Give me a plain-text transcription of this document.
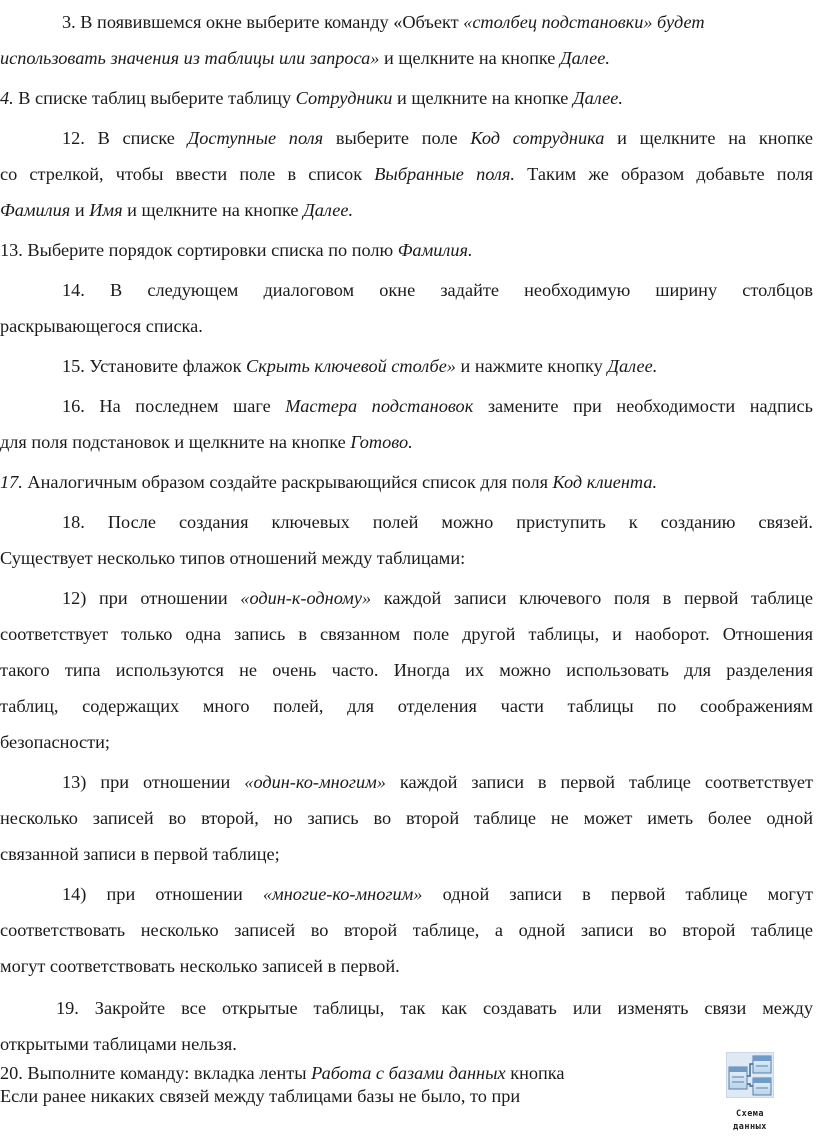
3. В появившемся окне выберите команду «Объект «столбец подстановки» будет
использовать значения из таблицы или запроса» и щелкните на кнопке Далее.
4. В списке таблиц выберите таблицу Сотрудники и щелкните на кнопке Далее.
12. В списке Доступные поля выберите поле Код сотрудника и щелкните на кнопке
со стрелкой, чтобы ввести поле в список Выбранные поля. Таким же образом добавьте поля
Фамилия и Имя и щелкните на кнопке Далее.
13. Выберите порядок сортировки списка по полю Фамилия.
14. В следующем диалоговом окне задайте необходимую ширину столбцов
раскрывающегося списка.
15. Установите флажок Скрыть ключевой столбе» и нажмите кнопку Далее.
16. На последнем шаге Мастера подстановок замените при необходимости надпись
для поля подстановок и щелкните на кнопке Готово.
17. Аналогичным образом создайте раскрывающийся список для поля Код клиента.
18. После создания ключевых полей можно приступить к созданию связей.
Существует несколько типов отношений между таблицами:
12) при отношении «один-к-одному» каждой записи ключевого поля в первой таблице
соответствует только одна запись в связанном поле другой таблицы, и наоборот. Отношения
такого типа используются не очень часто. Иногда их можно использовать для разделения
таблиц, содержащих много полей, для отделения части таблицы по соображениям
безопасности;
13) при отношении «один-ко-многим» каждой записи в первой таблице соответствует
несколько записей во второй, но запись во второй таблице не может иметь более одной
связанной записи в первой таблице;
14) при отношении «многие-ко-многим» одной записи в первой таблице могут
соответствовать несколько записей во второй таблице, а одной записи во второй таблице
могут соответствовать несколько записей в первой.
19. Закройте все открытые таблицы, так как создавать или изменять связи между
открытыми таблицами нельзя.
20. Выполните команду: вкладка ленты Работа с базами данных кнопка
Если ранее никаких связей между таблицами базы не было, то при
Схема
данных
